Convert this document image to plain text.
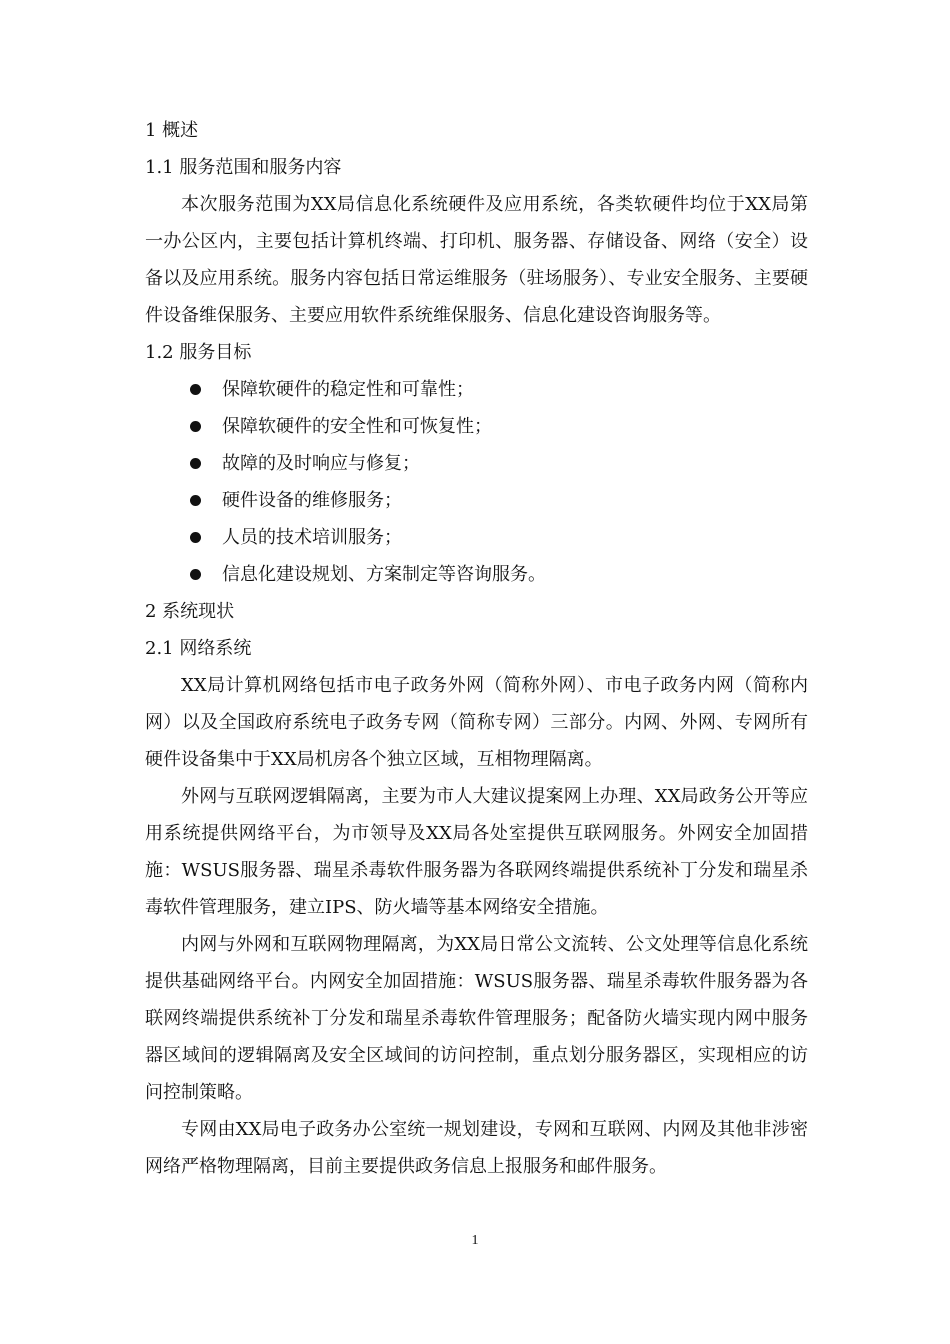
1 概述
1.1 服务范围和服务内容

本次服务范围为XX局信息化系统硬件及应用系统，各类软硬件均位于XX局第一办公区内，主要包括计算机终端、打印机、服务器、存储设备、网络（安全）设备以及应用系统。服务内容包括日常运维服务（驻场服务）、专业安全服务、主要硬件设备维保服务、主要应用软件系统维保服务、信息化建设咨询服务等。

1.2 服务目标
保障软硬件的稳定性和可靠性；
保障软硬件的安全性和可恢复性；
故障的及时响应与修复；
硬件设备的维修服务；
人员的技术培训服务；
信息化建设规划、方案制定等咨询服务。
2 系统现状
2.1 网络系统

XX局计算机网络包括市电子政务外网（简称外网）、市电子政务内网（简称内网）以及全国政府系统电子政务专网（简称专网）三部分。内网、外网、专网所有硬件设备集中于XX局机房各个独立区域，互相物理隔离。

外网与互联网逻辑隔离，主要为市人大建议提案网上办理、XX局政务公开等应用系统提供网络平台，为市领导及XX局各处室提供互联网服务。外网安全加固措施：WSUS服务器、瑞星杀毒软件服务器为各联网终端提供系统补丁分发和瑞星杀毒软件管理服务，建立IPS、防火墙等基本网络安全措施。

内网与外网和互联网物理隔离，为XX局日常公文流转、公文处理等信息化系统提供基础网络平台。内网安全加固措施：WSUS服务器、瑞星杀毒软件服务器为各联网终端提供系统补丁分发和瑞星杀毒软件管理服务；配备防火墙实现内网中服务器区域间的逻辑隔离及安全区域间的访问控制，重点划分服务器区，实现相应的访问控制策略。

专网由XX局电子政务办公室统一规划建设，专网和互联网、内网及其他非涉密网络严格物理隔离，目前主要提供政务信息上报服务和邮件服务。

1
